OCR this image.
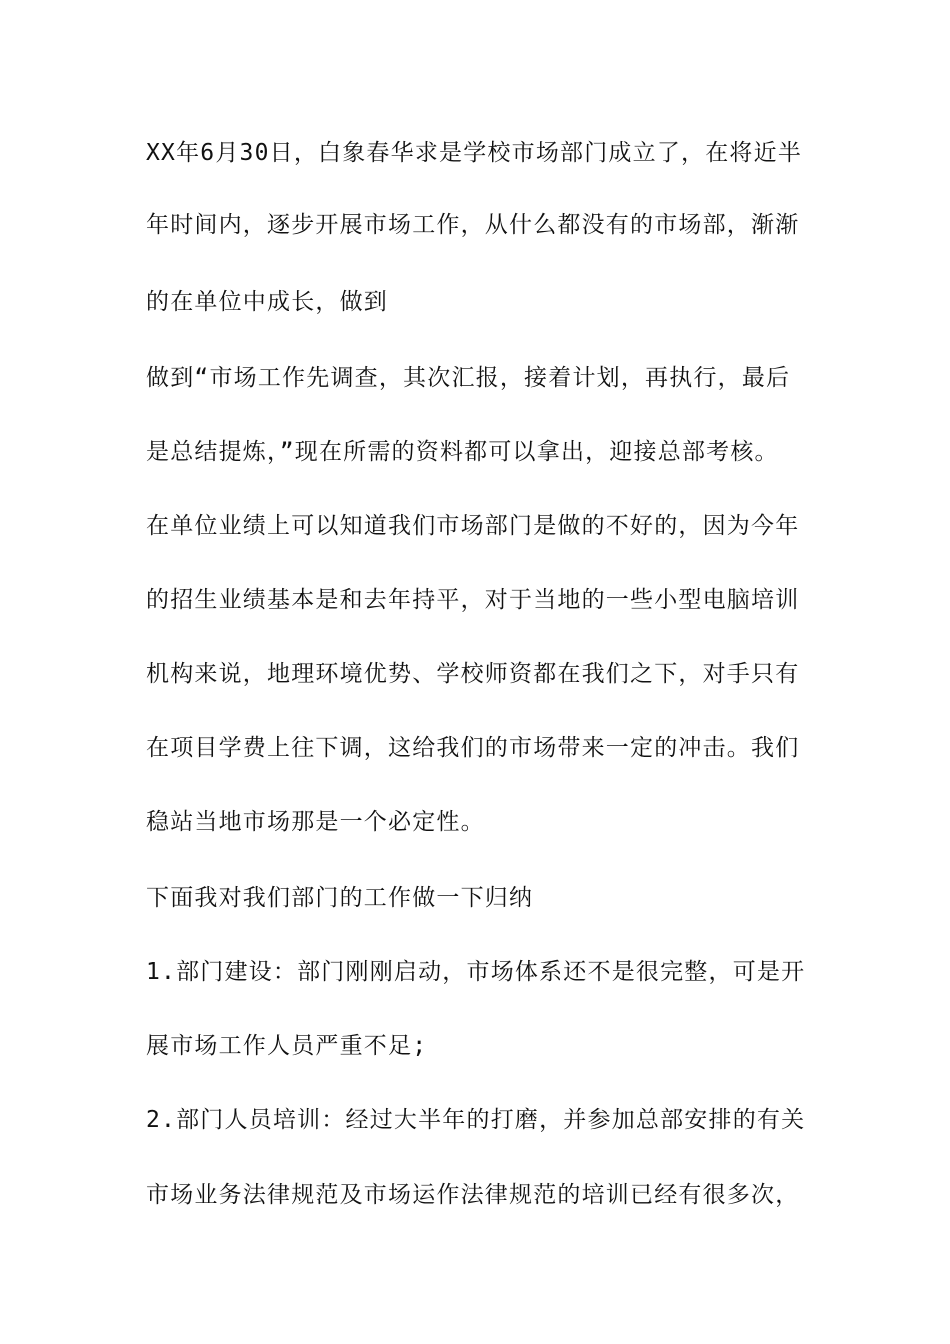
XX年6月30日，白象春华求是学校市场部门成立了，在将近半
年时间内，逐步开展市场工作，从什么都没有的市场部，渐渐
的在单位中成长，做到
做到“市场工作先调查，其次汇报，接着计划，再执行，最后
是总结提炼，”现在所需的资料都可以拿出，迎接总部考核。
在单位业绩上可以知道我们市场部门是做的不好的，因为今年
的招生业绩基本是和去年持平，对于当地的一些小型电脑培训
机构来说，地理环境优势、学校师资都在我们之下，对手只有
在项目学费上往下调，这给我们的市场带来一定的冲击。我们
稳站当地市场那是一个必定性。
下面我对我们部门的工作做一下归纳
1.部门建设：部门刚刚启动，市场体系还不是很完整，可是开
展市场工作人员严重不足;
2.部门人员培训：经过大半年的打磨，并参加总部安排的有关
市场业务法律规范及市场运作法律规范的培训已经有很多次，
